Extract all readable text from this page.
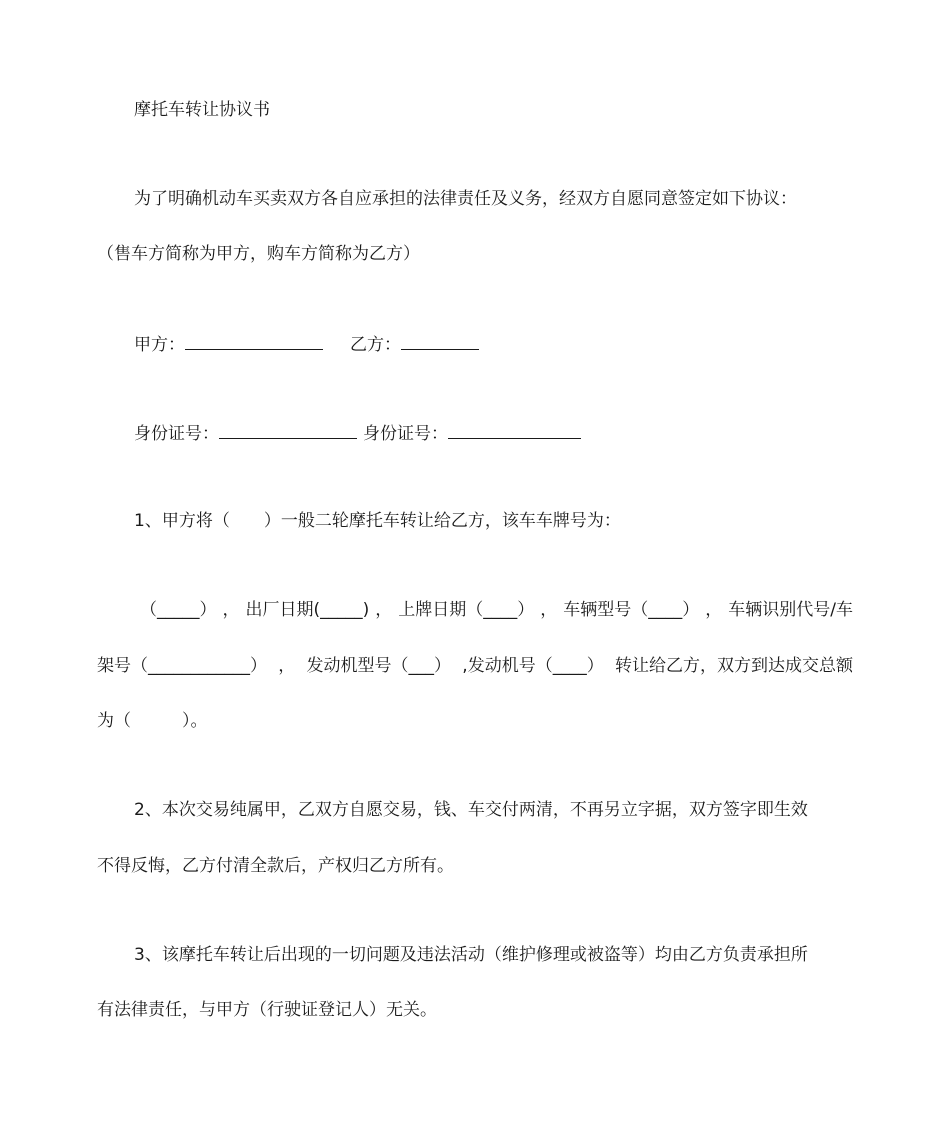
摩托车转让协议书
为了明确机动车买卖双方各自应承担的法律责任及义务，经双方自愿同意签定如下协议：
（售车方简称为甲方，购车方简称为乙方）
甲方：	乙方：
身份证号：	身份证号：
1、甲方将（　　）一般二轮摩托车转让给乙方，该车车牌号为：
（_____） ， 出厂日期(_____) ， 上牌日期（____） ， 车辆型号（____） ， 车辆识别代号/车
架号（____________） ， 发动机型号（___） ,发动机号（____） 转让给乙方，双方到达成交总额
为（　　　）。
2、本次交易纯属甲，乙双方自愿交易，钱、车交付两清，不再另立字据，双方签字即生效
不得反悔，乙方付清全款后，产权归乙方所有。
3、该摩托车转让后出现的一切问题及违法活动（维护修理或被盗等）均由乙方负责承担所
有法律责任，与甲方（行驶证登记人）无关。
